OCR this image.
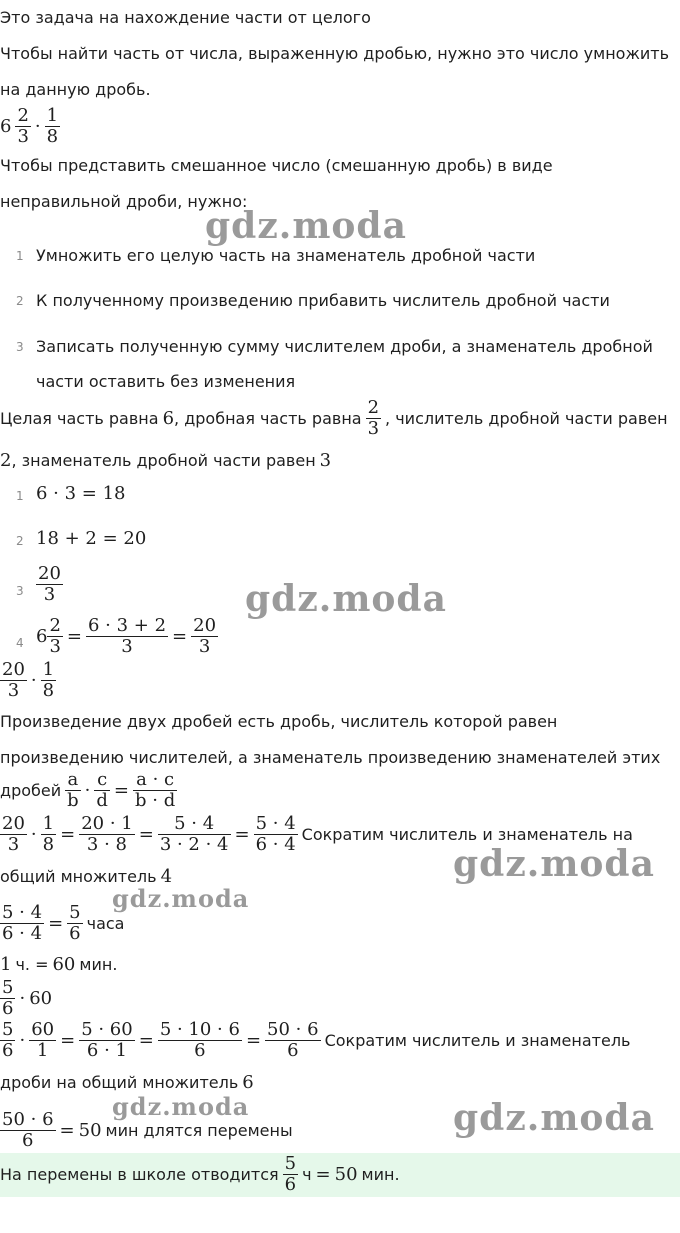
Это задача на нахождение части от целого
Чтобы найти часть от числа, выраженную дробью, нужно это число умножить
на данную дробь.
$6 \frac{2}{3} \cdot \frac{1}{8}$
Чтобы представить смешанное число (смешанную дробь) в виде
неправильной дроби, нужно:
gdz.moda
1 Умножить его целую часть на знаменатель дробной части
2 К полученному произведению прибавить числитель дробной части
3 Записать полученную сумму числителем дроби, а знаменатель дробной
части оставить без изменения
Целая часть равна 6 , дробная часть равна $\frac{2}{3}$ , числитель дробной части равен
2 , знаменатель дробной части равен 3
1 6 · 3 = 18
2 18 + 2 = 20
$3 \frac{20}{3}$	gdz.moda
4 $6 \frac{2}{3} = \frac{6 \cdot 3 + 2}{3} = \frac{20}{3}$
$\frac{20}{3} \cdot \frac{1}{8}$
Произведение двух дробей есть дробь, числитель которой равен
произведению числителей, а знаменатель произведению знаменателей этих
дробей $\frac{a}{b} \cdot \frac{c}{d} = \frac{a \cdot c}{b \cdot d}$
$\frac{20}{3} \cdot \frac{1}{8} = \frac{20 \cdot 1}{3 \cdot 8} = \frac{5 \cdot 4}{3 \cdot 2 \cdot 4} = \frac{5 \cdot 4}{6 \cdot 4}$ Сократим числитель и знаменатель на
gdz.moda
общий множитель 4
gdz.moda
$\frac{5 \cdot 4}{6 \cdot 4} = \frac{5}{6}$ часа
1 ч. = 60 мин.
$\frac{5}{6} \cdot 60$
$\frac{5}{6} \cdot \frac{60}{1} = \frac{5 \cdot 60}{6 \cdot 1} = \frac{5 \cdot 10 \cdot 6}{6} = \frac{50 \cdot 6}{6}$ Сократим числитель и знаменатель
дроби на общий множитель 6
gdz.moda	gdz.moda
$\frac{50 \cdot 6}{6} = 50$ мин длятся перемены
На перемены в школе отводится $\frac{5}{6}$ ч = 50 мин.
